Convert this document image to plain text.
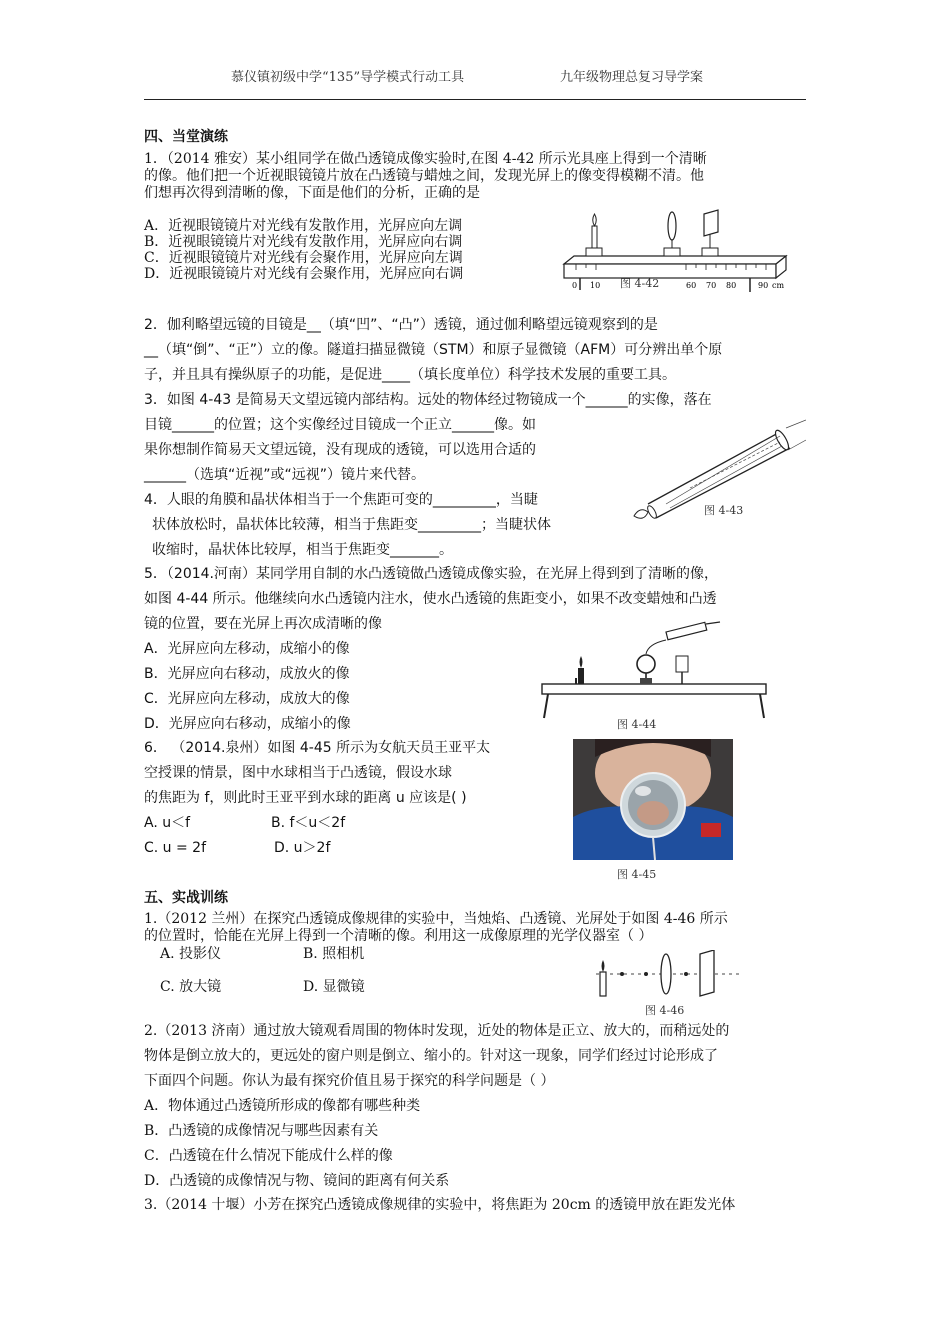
慕仪镇初级中学“135”导学模式行动工具	九年级物理总复习导学案
四、当堂演练
1．（2014 雅安）某小组同学在做凸透镜成像实验时,在图 4-42 所示光具座上得到一个清晰
的像。他们把一个近视眼镜镜片放在凸透镜与蜡烛之间，发现光屏上的像变得模糊不清。他
们想再次得到清晰的像，下面是他们的分析，正确的是
A．近视眼镜镜片对光线有发散作用，光屏应向左调
B．近视眼镜镜片对光线有发散作用，光屏应向右调
C．近视眼镜镜片对光线有会聚作用，光屏应向左调
D．近视眼镜镜片对光线有会聚作用，光屏应向右调
0 10	60 70 80	90 cm
图 4-42
2．伽利略望远镜的目镜是__（填“凹”、“凸”）透镜，通过伽利略望远镜观察到的是
__（填“倒”、“正”）立的像。隧道扫描显微镜（STM）和原子显微镜（AFM）可分辨出单个原
子，并且具有操纵原子的功能，是促进____（填长度单位）科学技术发展的重要工具。
3．如图 4-43 是简易天文望远镜内部结构。远处的物体经过物镜成一个______的实像，落在
目镜______的位置；这个实像经过目镜成一个正立______像。如
果你想制作简易天文望远镜，没有现成的透镜，可以选用合适的
______（选填“近视”或“远视”）镜片来代替。
图 4-43
4．人眼的角膜和晶状体相当于一个焦距可变的_________，当睫
状体放松时，晶状体比较薄，相当于焦距变_________；当睫状体
收缩时，晶状体比较厚，相当于焦距变_______。
5．（2014.河南）某同学用自制的水凸透镜做凸透镜成像实验，在光屏上得到到了清晰的像，
如图 4-44 所示。他继续向水凸透镜内注水，使水凸透镜的焦距变小，如果不改变蜡烛和凸透
镜的位置，要在光屏上再次成清晰的像
A．光屏应向左移动，成缩小的像
B．光屏应向右移动，成放火的像
C．光屏应向左移动，成放大的像
D．光屏应向右移动，成缩小的像	图 4-44
6． （2014.泉州）如图 4-45 所示为女航天员王亚平太
空授课的情景，图中水球相当于凸透镜，假设水球
的焦距为 f，则此时王亚平到水球的距离 u 应该是( )
A. u＜f	B. f＜u＜2f
C. u = 2f	D. u＞2f
图 4-45
五、实战训练
1.（2012 兰州）在探究凸透镜成像规律的实验中，当烛焰、凸透镜、光屏处于如图 4-46 所示
的位置时，恰能在光屏上得到一个清晰的像。利用这一成像原理的光学仪器室（ ）
A. 投影仪	B. 照相机
C. 放大镜	D. 显微镜
图 4-46
2.（2013 济南）通过放大镜观看周围的物体时发现，近处的物体是正立、放大的，而稍远处的
物体是倒立放大的，更远处的窗户则是倒立、缩小的。针对这一现象，同学们经过讨论形成了
下面四个问题。你认为最有探究价值且易于探究的科学问题是（ ）
A．物体通过凸透镜所形成的像都有哪些种类
B．凸透镜的成像情况与哪些因素有关
C．凸透镜在什么情况下能成什么样的像
D．凸透镜的成像情况与物、镜间的距离有何关系
3.（2014 十堰）小芳在探究凸透镜成像规律的实验中，将焦距为 20cm 的透镜甲放在距发光体
